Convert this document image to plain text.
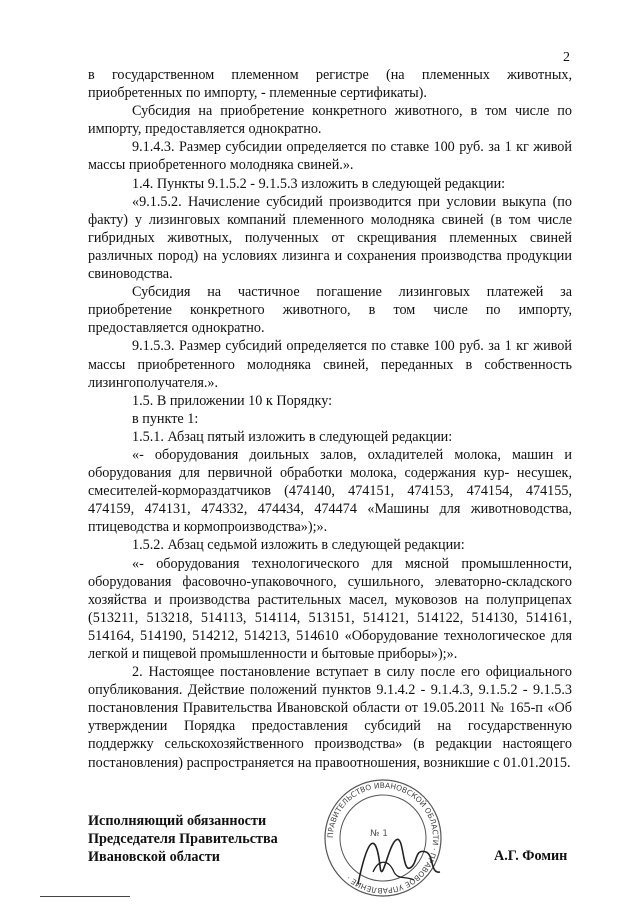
2

в государственном племенном регистре (на племенных животных, приобретенных по импорту, - племенные сертификаты).

Субсидия на приобретение конкретного животного, в том числе по импорту, предоставляется однократно.

9.1.4.3. Размер субсидии определяется по ставке 100 руб. за 1 кг живой массы приобретенного молодняка свиней.».

1.4. Пункты 9.1.5.2 - 9.1.5.3 изложить в следующей редакции:

«9.1.5.2. Начисление субсидий производится при условии выкупа (по факту) у лизинговых компаний племенного молодняка свиней (в том числе гибридных животных, полученных от скрещивания племенных свиней различных пород) на условиях лизинга и сохранения производства продукции свиноводства.

Субсидия на частичное погашение лизинговых платежей за приобретение конкретного животного, в том числе по импорту, предоставляется однократно.

9.1.5.3. Размер субсидий определяется по ставке 100 руб. за 1 кг живой массы приобретенного молодняка свиней, переданных в собственность лизингополучателя.».

1.5. В приложении 10 к Порядку:

в пункте 1:

1.5.1. Абзац пятый изложить в следующей редакции:

«- оборудования доильных залов, охладителей молока, машин и оборудования для первичной обработки молока, содержания кур- несушек, смесителей-кормораздатчиков (474140, 474151, 474153, 474154, 474155, 474159, 474131, 474332, 474434, 474474 «Машины для животноводства, птицеводства и кормопроизводства»);».

1.5.2. Абзац седьмой изложить в следующей редакции:

«- оборудования технологического для мясной промышленности, оборудования фасовочно-упаковочного, сушильного, элеваторно-складского хозяйства и производства растительных масел, муковозов на полуприцепах (513211, 513218, 514113, 514114, 513151, 514121, 514122, 514130, 514161, 514164, 514190, 514212, 514213, 514610 «Оборудование технологическое для легкой и пищевой промышленности и бытовые приборы»);».

2. Настоящее постановление вступает в силу после его официального опубликования. Действие положений пунктов 9.1.4.2 - 9.1.4.3, 9.1.5.2 - 9.1.5.3 постановления Правительства Ивановской области от 19.05.2011 № 165-п «Об утверждении Порядка предоставления субсидий на государственную поддержку сельскохозяйственного производства» (в редакции настоящего постановления) распространяется на правоотношения, возникшие с 01.01.2015.

Исполняющий обязанности
Председателя Правительства
Ивановской области
ПРАВИТЕЛЬСТВО ИВАНОВСКОЙ ОБЛАСТИ · ПРАВОВОЕ УПРАВЛЕНИЕ ·
№ 1
А.Г. Фомин
